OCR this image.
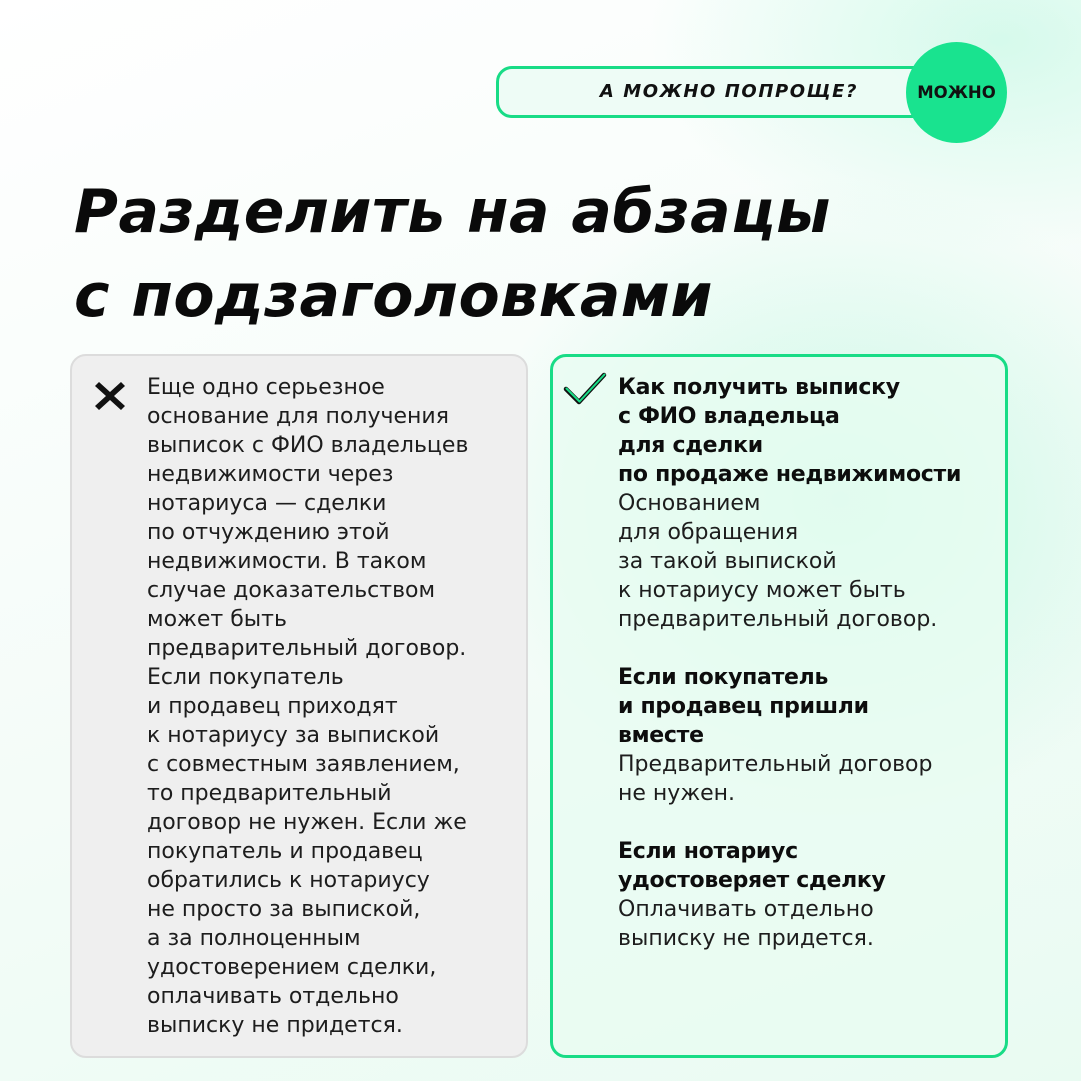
А МОЖНО ПОПРОЩЕ?	МОЖНО
Разделить на абзацы
с подзаголовками

Еще одно серьезное
основание для получения
выписок с ФИО владельцев
недвижимости через
нотариуса — сделки
по отчуждению этой
недвижимости. В таком
случае доказательством
может быть
предварительный договор.
Если покупатель
и продавец приходят
к нотариусу за выпиской
с совместным заявлением,
то предварительный
договор не нужен. Если же
покупатель и продавец
обратились к нотариусу
не просто за выпиской,
а за полноценным
удостоверением сделки,
оплачивать отдельно
выписку не придется.

Как получить выписку
с ФИО владельца
для сделки
по продаже недвижимости

Основанием
для обращения
за такой выпиской
к нотариусу может быть
предварительный договор.

Если покупатель
и продавец пришли
вместе

Предварительный договор
не нужен.

Если нотариус
удостоверяет сделку

Оплачивать отдельно
выписку не придется.
